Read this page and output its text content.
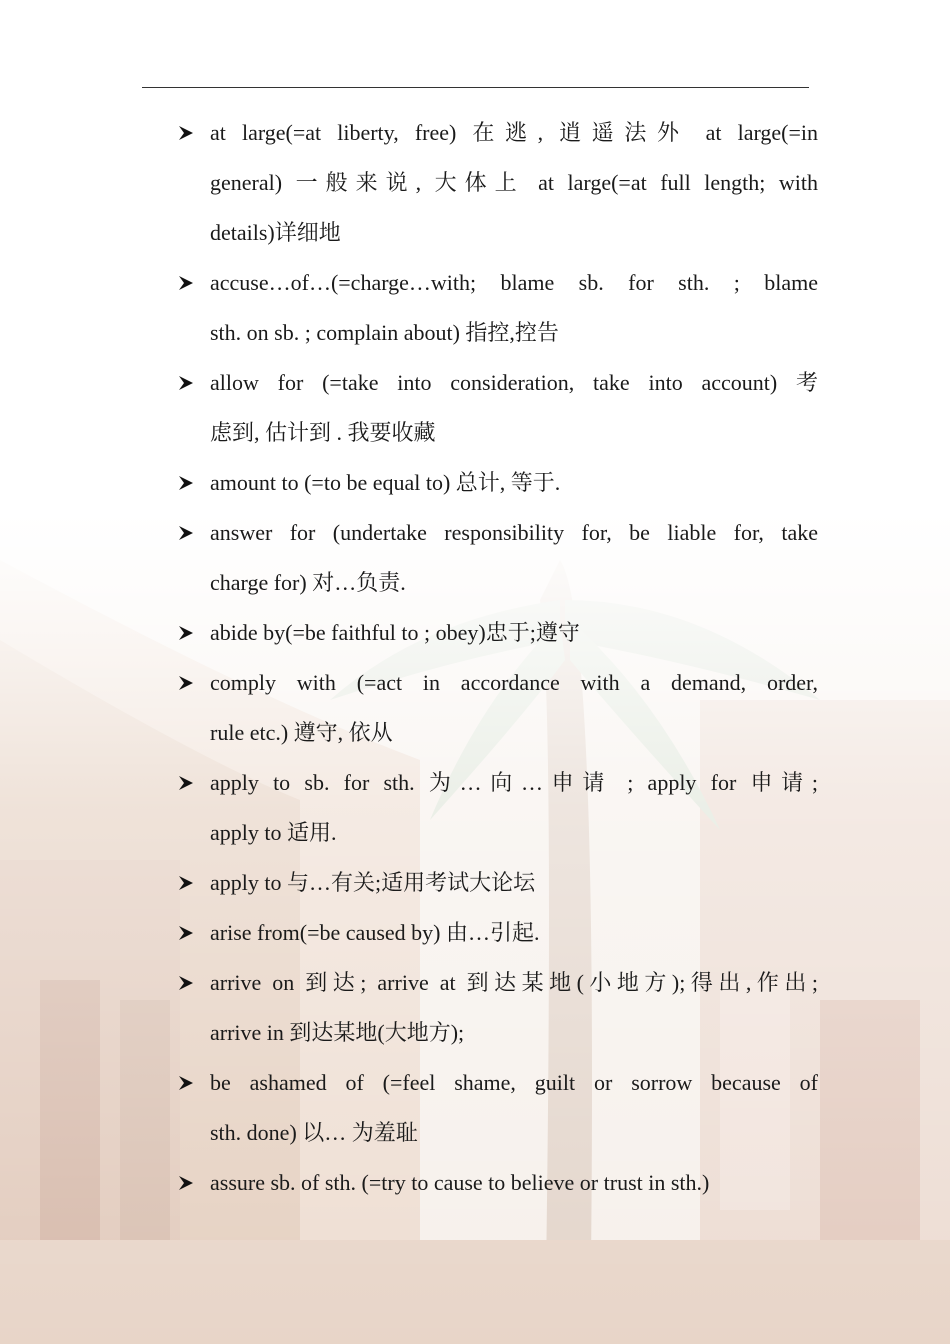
at large(=at liberty, free) 在逃, 逍遥法外 at large(=in
general) 一般来说, 大体上 at large(=at full length; with
details)详细地
accuse…of…(=charge…with; blame sb. for sth. ; blame
sth. on sb. ; complain about) 指控,控告
allow for (=take into consideration, take into account) 考
虑到, 估计到 . 我要收藏
amount to (=to be equal to) 总计, 等于.
answer for (undertake responsibility for, be liable for, take
charge for) 对…负责.
abide by(=be faithful to ; obey)忠于;遵守
comply with (=act in accordance with a demand, order,
rule etc.) 遵守, 依从
apply to sb. for sth. 为…向…申请 ; apply for 申请;
apply to 适用.
apply to 与…有关;适用考试大论坛
arise from(=be caused by) 由…引起.
arrive on 到达; arrive at 到达某地(小地方);得出,作出;
arrive in 到达某地(大地方);
be ashamed of (=feel shame, guilt or sorrow because of
sth. done) 以… 为羞耻
assure sb. of sth. (=try to cause to believe or trust in sth.)
